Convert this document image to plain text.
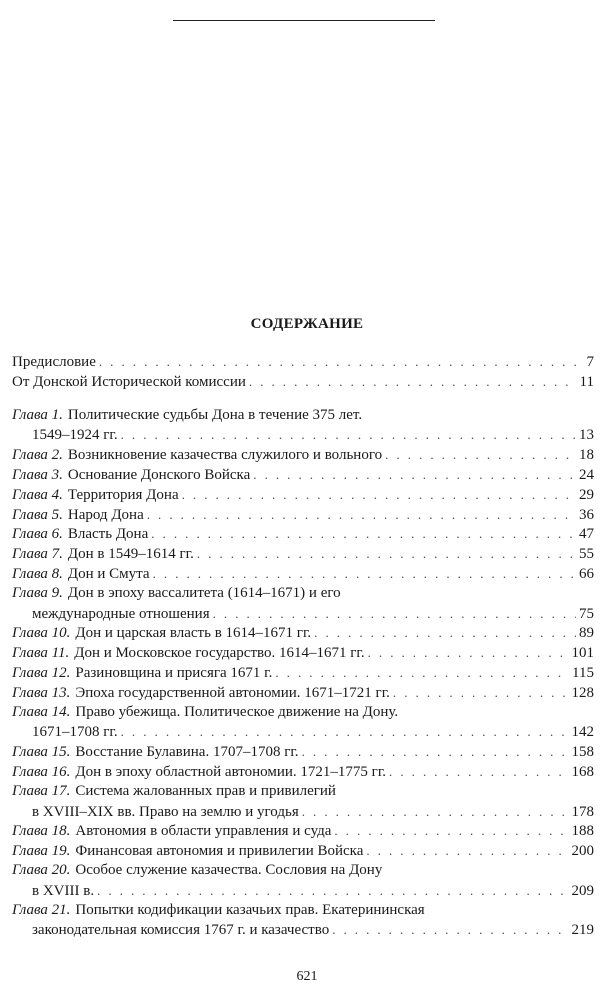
СОДЕРЖАНИЕ
Предисловие . . .	7
От Донской Исторической комиссии . . .	11
Глава 1. Политические судьбы Дона в течение 375 лет.
1549–1924 гг. . . .	13
Глава 2. Возникновение казачества служилого и вольного . . .	18
Глава 3. Основание Донского Войска . . .	24
Глава 4. Территория Дона . . .	29
Глава 5. Народ Дона . . .	36
Глава 6. Власть Дона . . .	47
Глава 7. Дон в 1549–1614 гг. . . .	55
Глава 8. Дон и Смута . . .	66
Глава 9. Дон в эпоху вассалитета (1614–1671) и его
международные отношения . . .	75
Глава 10. Дон и царская власть в 1614–1671 гг. . . .	89
Глава 11. Дон и Московское государство. 1614–1671 гг. . . .	101
Глава 12. Разиновщина и присяга 1671 г. . . .	115
Глава 13. Эпоха государственной автономии. 1671–1721 гг. . . .	128
Глава 14. Право убежища. Политическое движение на Дону.
1671–1708 гг. . . .	142
Глава 15. Восстание Булавина. 1707–1708 гг. . . .	158
Глава 16. Дон в эпоху областной автономии. 1721–1775 гг. . . .	168
Глава 17. Система жалованных прав и привилегий
в XVIII–XIX вв. Право на землю и угодья . . .	178
Глава 18. Автономия в области управления и суда . . .	188
Глава 19. Финансовая автономия и привилегии Войска . . .	200
Глава 20. Особое служение казачества. Сословия на Дону
в XVIII в. . . .	209
Глава 21. Попытки кодификации казачьих прав. Екатерининская
законодательная комиссия 1767 г. и казачество . . .	219
621
